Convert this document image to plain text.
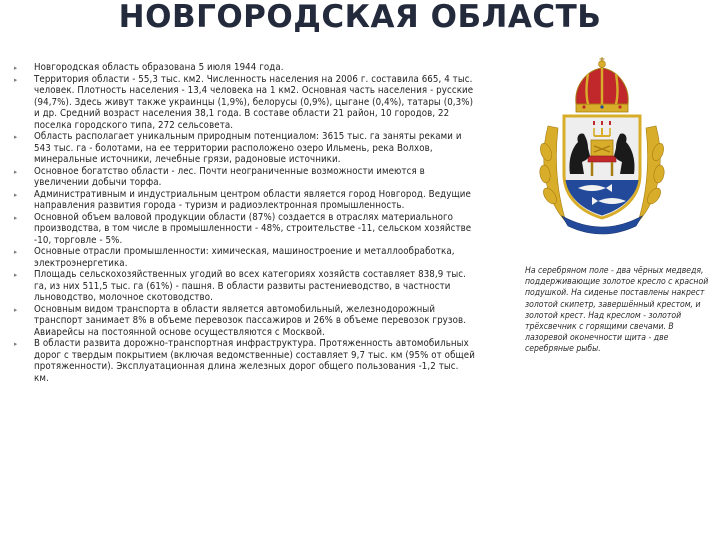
НОВГОРОДСКАЯ ОБЛАСТЬ
▸
Новгородская область образована 5 июля 1944 года.
▸
Территория области - 55,3 тыс. км2. Численность населения на 2006 г. составила 665, 4 тыс. человек. Плотность населения - 13,4 человека на 1 км2. Основная часть населения - русские (94,7%). Здесь живут также украинцы (1,9%), белорусы (0,9%), цыгане (0,4%), татары (0,3%) и др. Средний возраст населения 38,1 года. В составе области 21 район, 10 городов, 22 поселка городского типа, 272 сельсовета.
▸
Область располагает уникальным природным потенциалом: 3615 тыс. га заняты реками и 543 тыс. га - болотами, на ее территории расположено озеро Ильмень, река Волхов, минеральные источники, лечебные грязи, радоновые источники.
▸
Основное богатство области - лес. Почти неограниченные возможности имеются в увеличении добычи торфа.
▸
Административным и индустриальным центром области является город Новгород. Ведущие направления развития города - туризм и радиоэлектронная промышленность.
▸
Основной объем валовой продукции области (87%) создается в отраслях материального производства, в том числе в промышленности - 48%, строительстве -11, сельском хозяйстве -10, торговле - 5%.
▸
Основные отрасли промышленности: химическая, машиностроение и металлообработка, электроэнергетика.
▸
Площадь сельскохозяйственных угодий во всех категориях хозяйств составляет 838,9 тыс. га, из них 511,5 тыс. га (61%) - пашня. В области развиты растениеводство, в частности льноводство, молочное скотоводство.
▸
Основным видом транспорта в области является автомобильный, железнодорожный транспорт занимает 8% в объеме перевозок пассажиров и 26% в объеме перевозок грузов. Авиарейсы на постоянной основе осуществляются с Москвой.
▸
В области развита дорожно-транспортная инфраструктура. Протяженность автомобильных дорог с твердым покрытием (включая ведомственные) составляет 9,7 тыс. км (95% от общей протяженности). Эксплуатационная длина железных дорог общего пользования -1,2 тыс. км.
На серебряном поле - два чёрных медведя, поддерживающие золотое кресло с красной подушкой. На сиденье поставлены накрест золотой скипетр, завершённый крестом, и золотой крест. Над креслом - золотой трёхсвечник с горящими свечами. В лазоревой оконечности щита - две серебряные рыбы.
